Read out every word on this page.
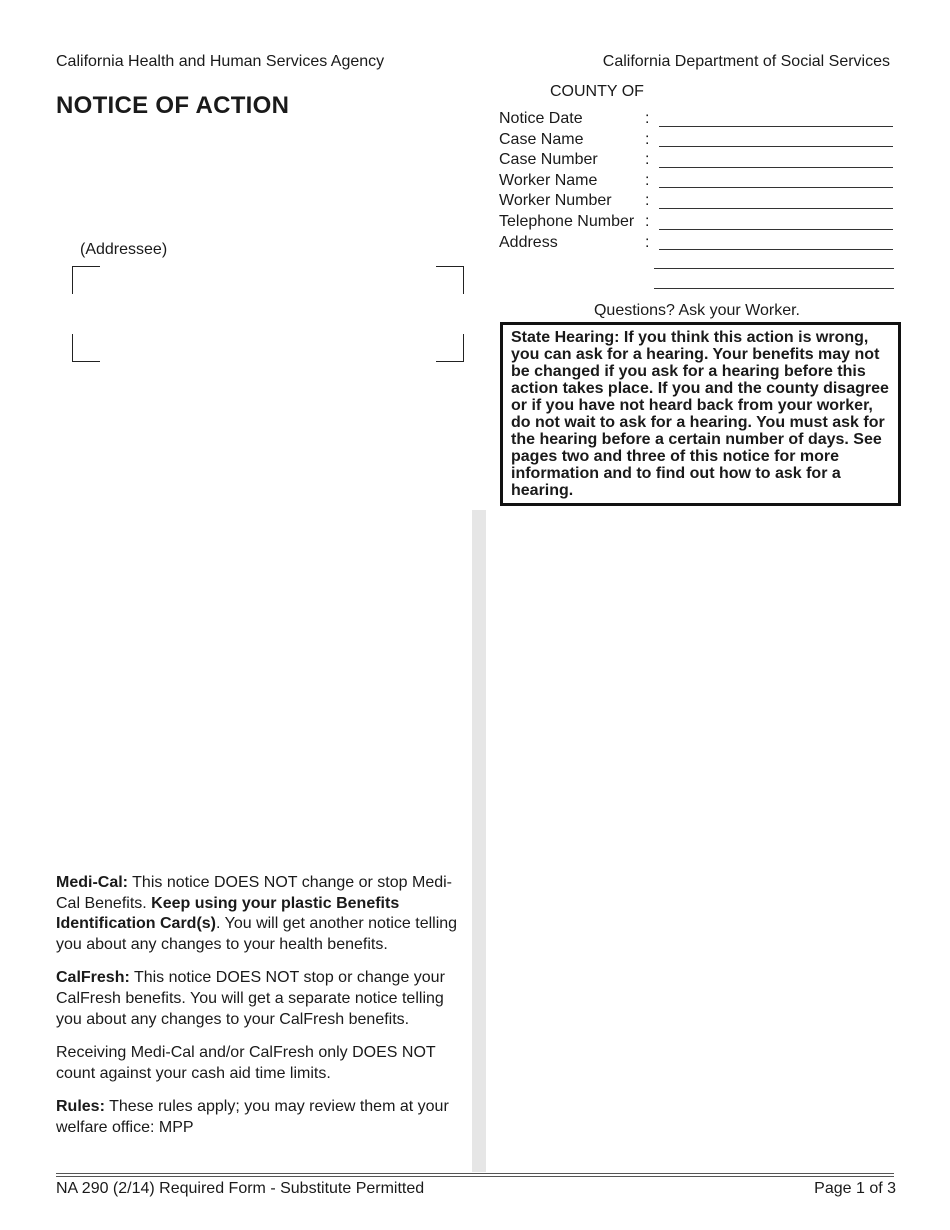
California Health and Human Services Agency	California Department of Social Services
NOTICE OF ACTION
COUNTY OF
Notice Date	:
Case Name	:
Case Number	:
Worker Name	:
Worker Number :
Telephone Number :
Address	:
(Addressee)
Questions? Ask your Worker.
State Hearing: If you think this action is wrong, you can ask for a hearing. Your benefits may not be changed if you ask for a hearing before this action takes place. If you and the county disagree or if you have not heard back from your worker, do not wait to ask for a hearing. You must ask for the hearing before a certain number of days. See pages two and three of this notice for more information and to find out how to ask for a hearing.

Medi-Cal: This notice DOES NOT change or stop Medi-Cal Benefits. Keep using your plastic Benefits Identification Card(s). You will get another notice telling you about any changes to your health benefits.

CalFresh: This notice DOES NOT stop or change your CalFresh benefits. You will get a separate notice telling you about any changes to your CalFresh benefits.

Receiving Medi-Cal and/or CalFresh only DOES NOT count against your cash aid time limits.

Rules: These rules apply; you may review them at your welfare office: MPP

NA 290 (2/14) Required Form - Substitute Permitted	Page 1 of 3
